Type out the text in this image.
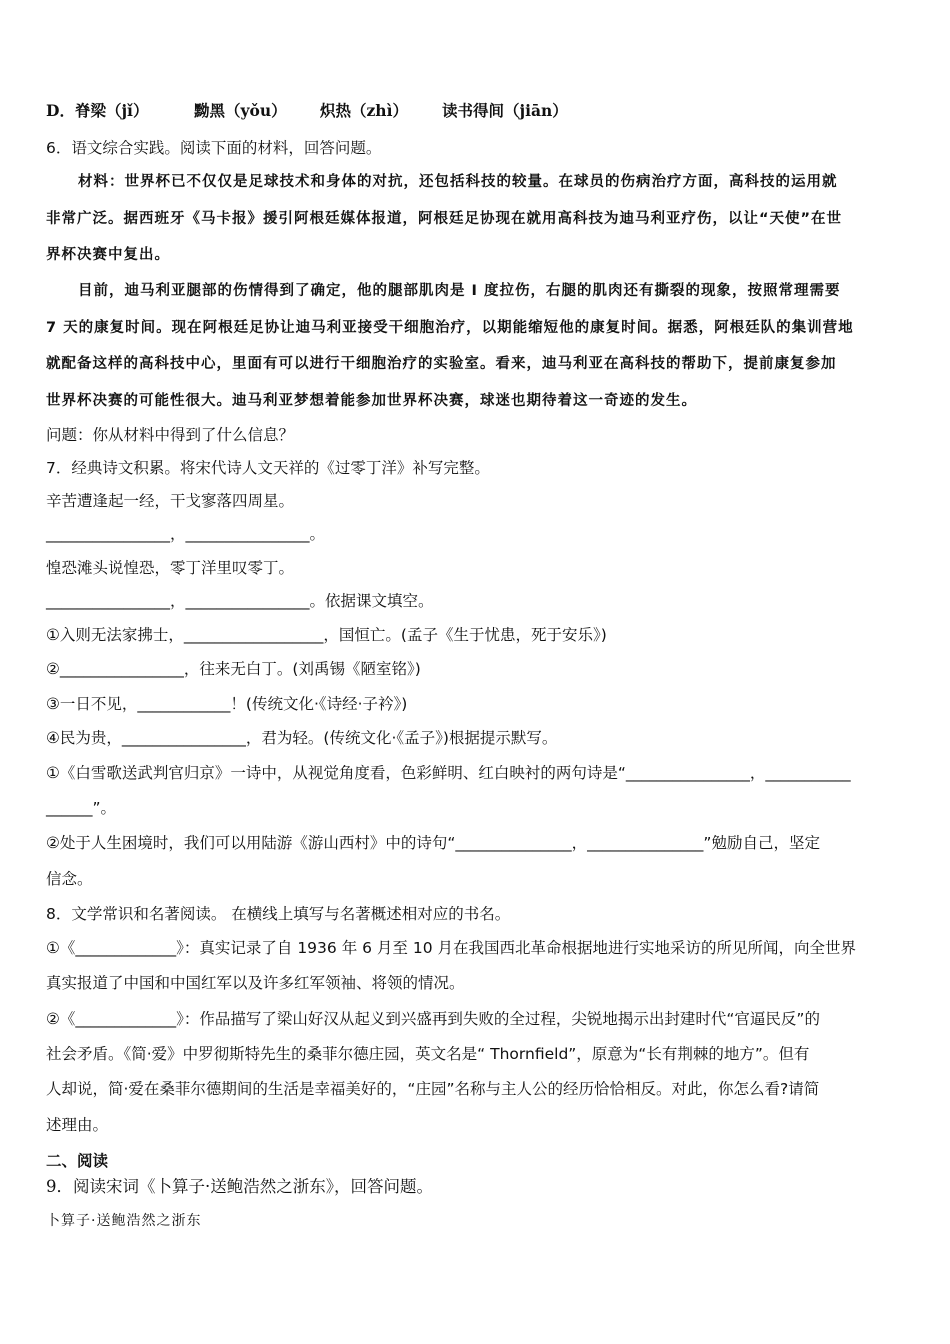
D．脊梁（jǐ）	黝黑（yǒu） 炽热（zhì） 读书得间（jiān）
6．语文综合实践。阅读下面的材料，回答问题。
材料：世界杯已不仅仅是足球技术和身体的对抗，还包括科技的较量。在球员的伤病治疗方面，高科技的运用就
非常广泛。据西班牙《马卡报》援引阿根廷媒体报道，阿根廷足协现在就用高科技为迪马利亚疗伤，以让“天使”在世
界杯决赛中复出。
目前，迪马利亚腿部的伤情得到了确定，他的腿部肌肉是 I 度拉伤，右腿的肌肉还有撕裂的现象，按照常理需要
7 天的康复时间。现在阿根廷足协让迪马利亚接受干细胞治疗，以期能缩短他的康复时间。据悉，阿根廷队的集训营地
就配备这样的高科技中心，里面有可以进行干细胞治疗的实验室。看来，迪马利亚在高科技的帮助下，提前康复参加
世界杯决赛的可能性很大。迪马利亚梦想着能参加世界杯决赛，球迷也期待着这一奇迹的发生。
问题：你从材料中得到了什么信息？
7．经典诗文积累。将宋代诗人文天祥的《过零丁洋》补写完整。
辛苦遭逢起一经，干戈寥落四周星。
________________，________________。
惶恐滩头说惶恐，零丁洋里叹零丁。
________________，________________。依据课文填空。
①入则无法家拂士，__________________，国恒亡。(孟子《生于忧患，死于安乐》)
②________________，往来无白丁。(刘禹锡《陋室铭》)
③一日不见，____________！(传统文化·《诗经·子衿》)
④民为贵，________________，君为轻。(传统文化·《孟子》)根据提示默写。
①《白雪歌送武判官归京》一诗中，从视觉角度看，色彩鲜明、红白映衬的两句诗是“________________，___________
______”。
②处于人生困境时，我们可以用陆游《游山西村》中的诗句“_______________，_______________”勉励自己，坚定
信念。
8．文学常识和名著阅读。 在横线上填写与名著概述相对应的书名。
①《_____________》：真实记录了自 1936 年 6 月至 10 月在我国西北革命根据地进行实地采访的所见所闻，向全世界
真实报道了中国和中国红军以及许多红军领袖、将领的情况。
②《_____________》：作品描写了梁山好汉从起义到兴盛再到失败的全过程，尖锐地揭示出封建时代“官逼民反”的
社会矛盾。《简·爱》中罗彻斯特先生的桑菲尔德庄园，英文名是“ Thornfield”，原意为“长有荆棘的地方”。但有
人却说，简·爱在桑菲尔德期间的生活是幸福美好的，“庄园”名称与主人公的经历恰恰相反。对此，你怎么看?请简
述理由。
二、阅读
9．阅读宋词《卜算子·送鲍浩然之浙东》，回答问题。
卜算子·送鲍浩然之浙东
